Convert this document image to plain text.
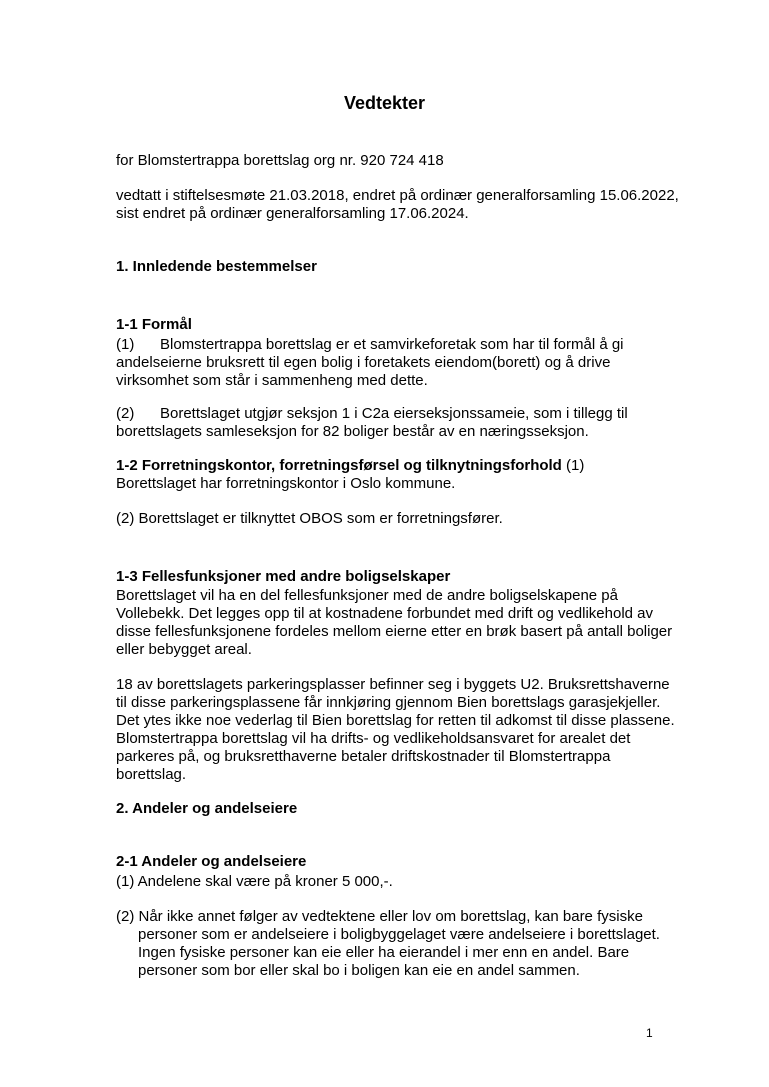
Vedtekter
for Blomstertrappa borettslag org nr. 920 724 418
vedtatt i stiftelsesmøte 21.03.2018, endret på ordinær generalforsamling 15.06.2022,
sist endret på ordinær generalforsamling 17.06.2024.
1. Innledende bestemmelser
1-1 Formål
(1) Blomstertrappa borettslag er et samvirkeforetak som har til formål å gi
andelseierne bruksrett til egen bolig i foretakets eiendom(borett) og å drive
virksomhet som står i sammenheng med dette.
(2) Borettslaget utgjør seksjon 1 i C2a eierseksjonssameie, som i tillegg til
borettslagets samleseksjon for 82 boliger består av en næringsseksjon.
1-2 Forretningskontor, forretningsførsel og tilknytningsforhold (1)
Borettslaget har forretningskontor i Oslo kommune.
(2) Borettslaget er tilknyttet OBOS som er forretningsfører.
1-3 Fellesfunksjoner med andre boligselskaper
Borettslaget vil ha en del fellesfunksjoner med de andre boligselskapene på
Vollebekk. Det legges opp til at kostnadene forbundet med drift og vedlikehold av
disse fellesfunksjonene fordeles mellom eierne etter en brøk basert på antall boliger
eller bebygget areal.
18 av borettslagets parkeringsplasser befinner seg i byggets U2. Bruksrettshaverne
til disse parkeringsplassene får innkjøring gjennom Bien borettslags garasjekjeller.
Det ytes ikke noe vederlag til Bien borettslag for retten til adkomst til disse plassene.
Blomstertrappa borettslag vil ha drifts- og vedlikeholdsansvaret for arealet det
parkeres på, og bruksretthaverne betaler driftskostnader til Blomstertrappa
borettslag.
2. Andeler og andelseiere
2-1 Andeler og andelseiere
(1) Andelene skal være på kroner 5 000,-.
(2) Når ikke annet følger av vedtektene eller lov om borettslag, kan bare fysiske
personer som er andelseiere i boligbyggelaget være andelseiere i borettslaget.
Ingen fysiske personer kan eie eller ha eierandel i mer enn en andel. Bare
personer som bor eller skal bo i boligen kan eie en andel sammen.
1
